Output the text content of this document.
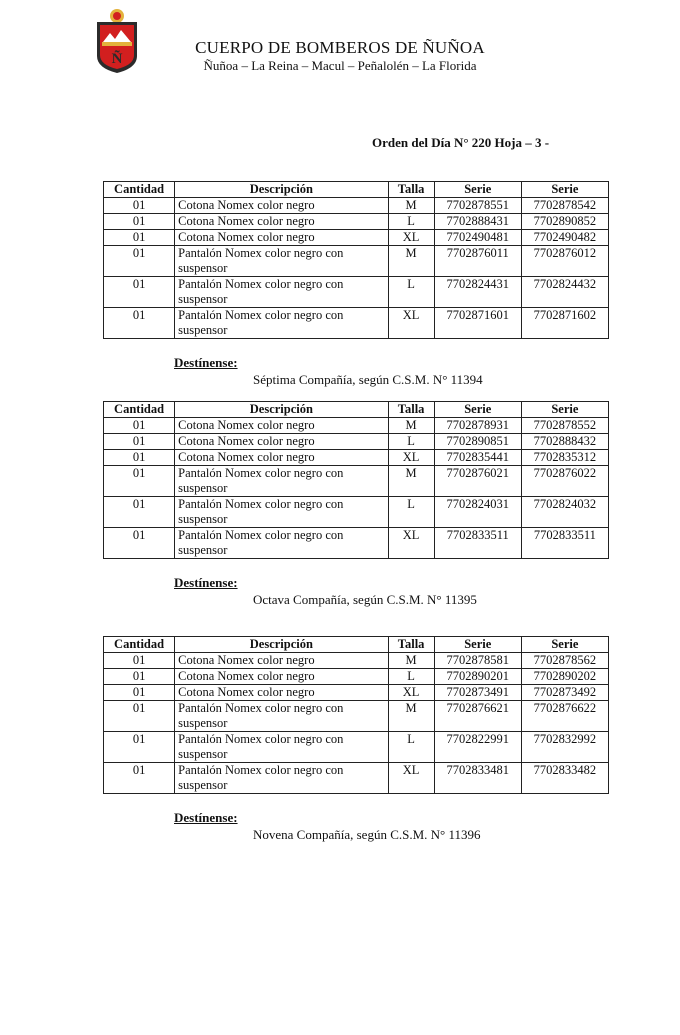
Ñ
CUERPO DE BOMBEROS DE ÑUÑOA
Ñuñoa – La Reina – Macul – Peñalolén – La Florida
Orden del Día N° 220 Hoja – 3 -
Cantidad	Descripción	Talla	Serie	Serie
01	Cotona Nomex color negro	M	7702878551	7702878542
01	Cotona Nomex color negro	L	7702888431	7702890852
01	Cotona Nomex color negro	XL	7702490481	7702490482
01	Pantalón Nomex color negro con suspensor	M	7702876011	7702876012
01	Pantalón Nomex color negro con suspensor	L	7702824431	7702824432
01	Pantalón Nomex color negro con suspensor	XL	7702871601	7702871602
Destínense:
Séptima Compañía, según C.S.M. N° 11394
Cantidad	Descripción	Talla	Serie	Serie
01	Cotona Nomex color negro	M	7702878931	7702878552
01	Cotona Nomex color negro	L	7702890851	7702888432
01	Cotona Nomex color negro	XL	7702835441	7702835312
01	Pantalón Nomex color negro con suspensor	M	7702876021	7702876022
01	Pantalón Nomex color negro con suspensor	L	7702824031	7702824032
01	Pantalón Nomex color negro con suspensor	XL	7702833511	7702833511
Destínense:
Octava Compañía, según C.S.M. N° 11395
Cantidad	Descripción	Talla	Serie	Serie
01	Cotona Nomex color negro	M	7702878581	7702878562
01	Cotona Nomex color negro	L	7702890201	7702890202
01	Cotona Nomex color negro	XL	7702873491	7702873492
01	Pantalón Nomex color negro con suspensor	M	7702876621	7702876622
01	Pantalón Nomex color negro con suspensor	L	7702822991	7702832992
01	Pantalón Nomex color negro con suspensor	XL	7702833481	7702833482
Destínense:
Novena Compañía, según C.S.M. N° 11396
